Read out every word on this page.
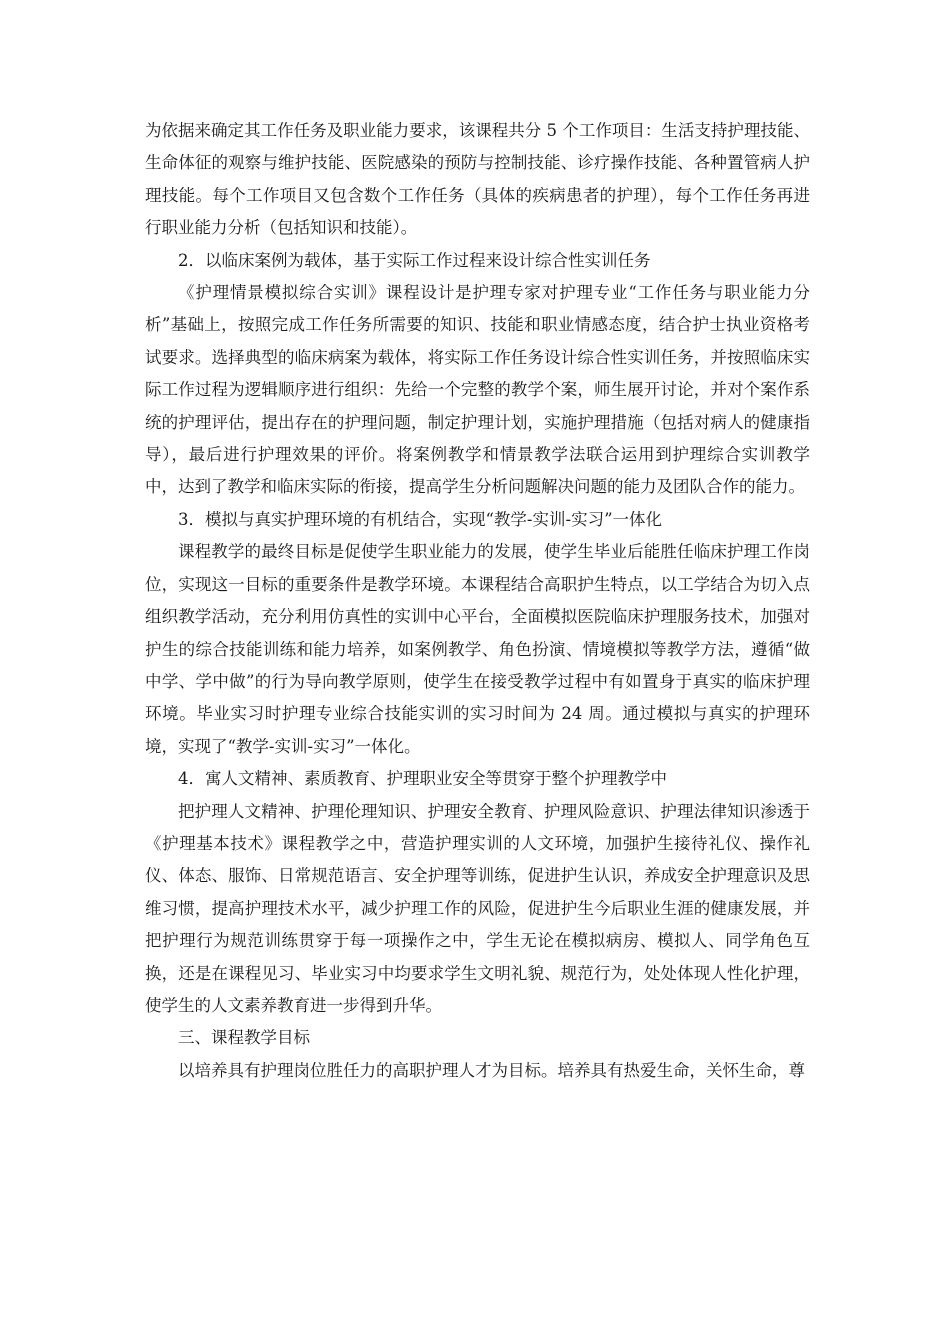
为依据来确定其工作任务及职业能力要求，该课程共分 5 个工作项目：生活支持护理技能、生命体征的观察与维护技能、医院感染的预防与控制技能、诊疗操作技能、各种置管病人护理技能。每个工作项目又包含数个工作任务（具体的疾病患者的护理），每个工作任务再进行职业能力分析（包括知识和技能）。

2．以临床案例为载体，基于实际工作过程来设计综合性实训任务

《护理情景模拟综合实训》课程设计是护理专家对护理专业“工作任务与职业能力分析”基础上，按照完成工作任务所需要的知识、技能和职业情感态度，结合护士执业资格考试要求。选择典型的临床病案为载体，将实际工作任务设计综合性实训任务，并按照临床实际工作过程为逻辑顺序进行组织：先给一个完整的教学个案，师生展开讨论，并对个案作系统的护理评估，提出存在的护理问题，制定护理计划，实施护理措施（包括对病人的健康指导），最后进行护理效果的评价。将案例教学和情景教学法联合运用到护理综合实训教学中，达到了教学和临床实际的衔接，提高学生分析问题解决问题的能力及团队合作的能力。

3．模拟与真实护理环境的有机结合，实现“教学-实训-实习”一体化

课程教学的最终目标是促使学生职业能力的发展，使学生毕业后能胜任临床护理工作岗位，实现这一目标的重要条件是教学环境。本课程结合高职护生特点，以工学结合为切入点组织教学活动，充分利用仿真性的实训中心平台，全面模拟医院临床护理服务技术，加强对护生的综合技能训练和能力培养，如案例教学、角色扮演、情境模拟等教学方法，遵循“做中学、学中做”的行为导向教学原则，使学生在接受教学过程中有如置身于真实的临床护理环境。毕业实习时护理专业综合技能实训的实习时间为 24 周。通过模拟与真实的护理环境，实现了“教学-实训-实习”一体化。

4．寓人文精神、素质教育、护理职业安全等贯穿于整个护理教学中

把护理人文精神、护理伦理知识、护理安全教育、护理风险意识、护理法律知识渗透于《护理基本技术》课程教学之中，营造护理实训的人文环境，加强护生接待礼仪、操作礼仪、体态、服饰、日常规范语言、安全护理等训练，促进护生认识，养成安全护理意识及思维习惯，提高护理技术水平，减少护理工作的风险，促进护生今后职业生涯的健康发展，并把护理行为规范训练贯穿于每一项操作之中，学生无论在模拟病房、模拟人、同学角色互换，还是在课程见习、毕业实习中均要求学生文明礼貌、规范行为，处处体现人性化护理，使学生的人文素养教育进一步得到升华。

三、课程教学目标

以培养具有护理岗位胜任力的高职护理人才为目标。培养具有热爱生命，关怀生命，尊
